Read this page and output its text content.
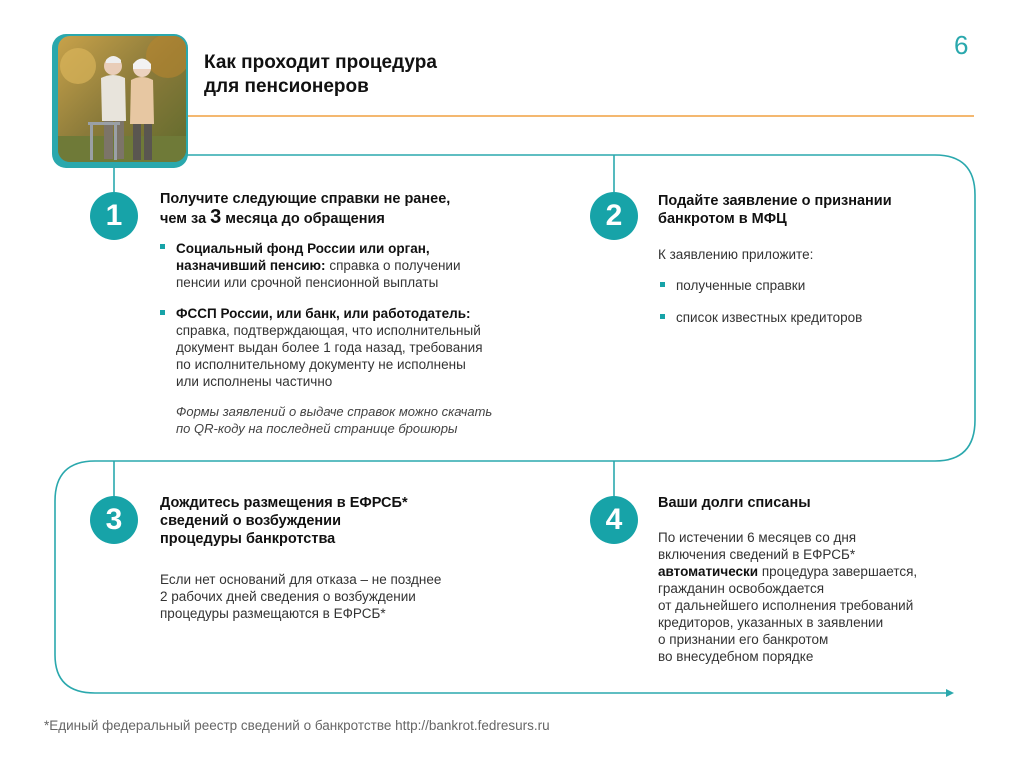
Как проходит процедура
для пенсионеров
6
1	Получите следующие справки не ранее,
чем за 3 месяца до обращения
Социальный фонд России или орган,
назначивший пенсию: справка о получении
пенсии или срочной пенсионной выплаты
ФССП России, или банк, или работодатель:
справка, подтверждающая, что исполнительный
документ выдан более 1 года назад, требования
по исполнительному документу не исполнены
или исполнены частично
Формы заявлений о выдаче справок можно скачать
по QR-коду на последней странице брошюры
2	Подайте заявление о признании
банкротом в МФЦ
К заявлению приложите:
полученные справки
список известных кредиторов
3	Дождитесь размещения в ЕФРСБ*
сведений о возбуждении
процедуры банкротства
Если нет оснований для отказа – не позднее
2 рабочих дней сведения о возбуждении
процедуры размещаются в ЕФРСБ*
4	Ваши долги списаны
По истечении 6 месяцев со дня
включения сведений в ЕФРСБ*
автоматически процедура завершается,
гражданин освобождается
от дальнейшего исполнения требований
кредиторов, указанных в заявлении
о признании его банкротом
во внесудебном порядке
*Единый федеральный реестр сведений о банкротстве http://bankrot.fedresurs.ru
